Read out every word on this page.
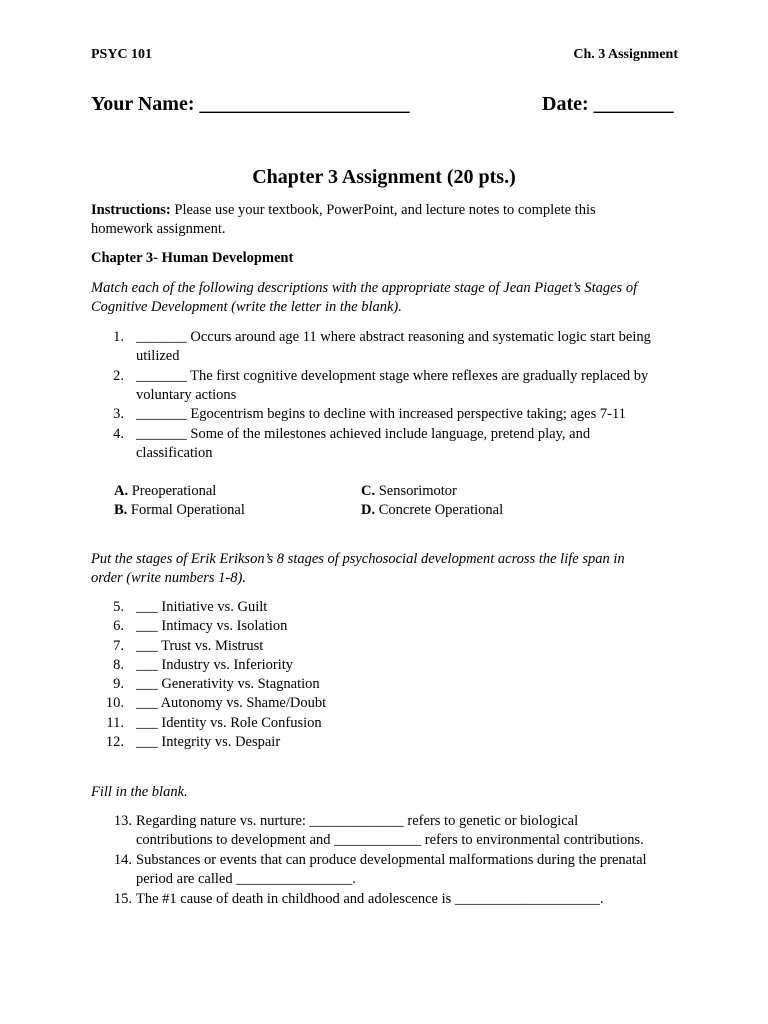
PSYC 101	Ch. 3 Assignment
Your Name: _____________________	Date: ________
Chapter 3 Assignment (20 pts.)
Instructions: Please use your textbook, PowerPoint, and lecture notes to complete this
homework assignment.
Chapter 3- Human Development
Match each of the following descriptions with the appropriate stage of Jean Piaget’s Stages of
Cognitive Development (write the letter in the blank).
1. _______ Occurs around age 11 where abstract reasoning and systematic logic start being
utilized
2. _______ The first cognitive development stage where reflexes are gradually replaced by
voluntary actions
3. _______ Egocentrism begins to decline with increased perspective taking; ages 7-11
4. _______ Some of the milestones achieved include language, pretend play, and
classification
A. Preoperational
B. Formal Operational
C. Sensorimotor
D. Concrete Operational
Put the stages of Erik Erikson’s 8 stages of psychosocial development across the life span in
order (write numbers 1-8).
5. ___ Initiative vs. Guilt
6. ___ Intimacy vs. Isolation
7. ___ Trust vs. Mistrust
8. ___ Industry vs. Inferiority
9. ___ Generativity vs. Stagnation
10. ___ Autonomy vs. Shame/Doubt
11. ___ Identity vs. Role Confusion
12. ___ Integrity vs. Despair
Fill in the blank.
13. Regarding nature vs. nurture: _____________ refers to genetic or biological
contributions to development and ____________ refers to environmental contributions.
14. Substances or events that can produce developmental malformations during the prenatal
period are called ________________.
15. The #1 cause of death in childhood and adolescence is ____________________.
